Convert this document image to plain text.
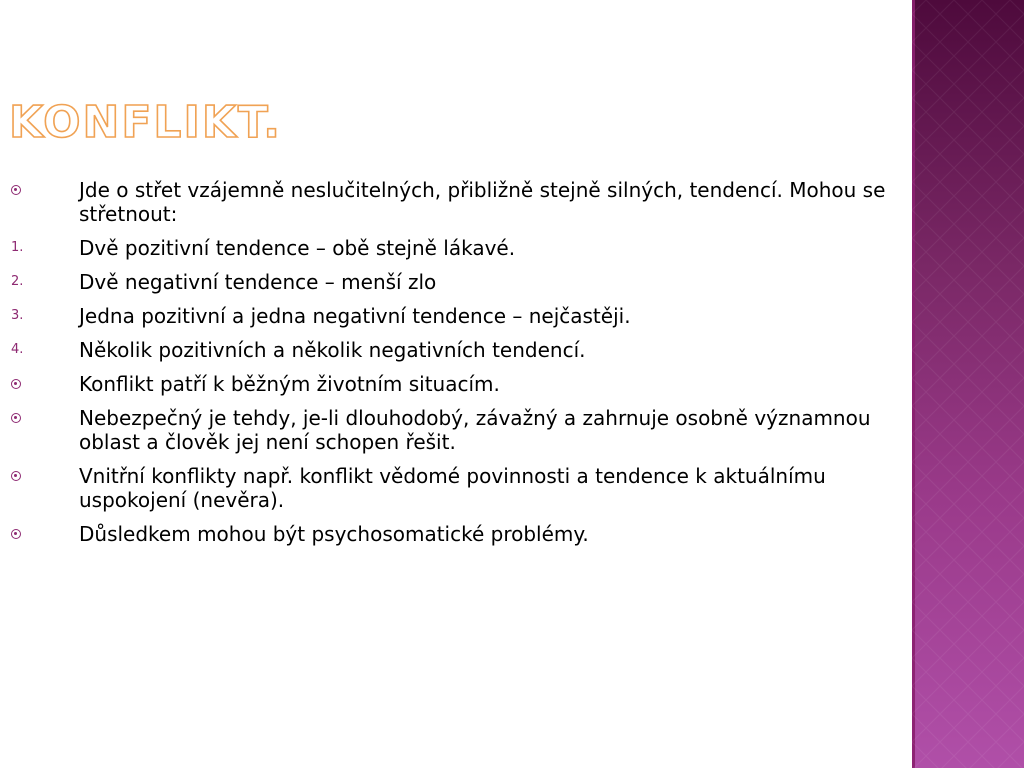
KONFLIKT.
Jde o střet vzájemně neslučitelných, přibližně stejně silných, tendencí. Mohou se střetnout:
1.	Dvě pozitivní tendence – obě stejně lákavé.
2.	Dvě negativní tendence – menší zlo
3.	Jedna pozitivní a jedna negativní tendence – nejčastěji.
4.	Několik pozitivních a několik negativních tendencí.
Konflikt patří k běžným životním situacím.
Nebezpečný je tehdy, je-li dlouhodobý, závažný a zahrnuje osobně významnou oblast a člověk jej není schopen řešit.
Vnitřní konflikty např. konflikt vědomé povinnosti a tendence k aktuálnímu uspokojení (nevěra).
Důsledkem mohou být psychosomatické problémy.
